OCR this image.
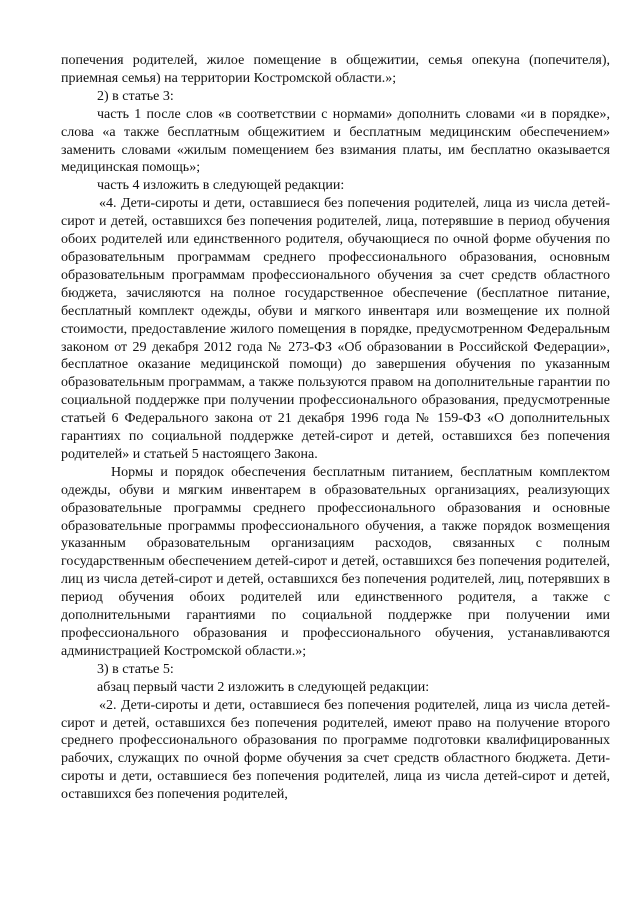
попечения родителей, жилое помещение в общежитии, семья опекуна (попечителя), приемная семья) на территории Костромской области.»;

2) в статье 3:

часть 1 после слов «в соответствии с нормами» дополнить словами «и в порядке», слова «а также бесплатным общежитием и бесплатным медицинским обеспечением» заменить словами «жилым помещением без взимания платы, им бесплатно оказывается медицинская помощь»;

часть 4 изложить в следующей редакции:

«4. Дети-сироты и дети, оставшиеся без попечения родителей, лица из числа детей-сирот и детей, оставшихся без попечения родителей, лица, потерявшие в период обучения обоих родителей или единственного родителя, обучающиеся по очной форме обучения по образовательным программам среднего профессионального образования, основным образовательным программам профессионального обучения за счет средств областного бюджета, зачисляются на полное государственное обеспечение (бесплатное питание, бесплатный комплект одежды, обуви и мягкого инвентаря или возмещение их полной стоимости, предоставление жилого помещения в порядке, предусмотренном Федеральным законом от 29 декабря 2012 года № 273-ФЗ «Об образовании в Российской Федерации», бесплатное оказание медицинской помощи) до завершения обучения по указанным образовательным программам, а также пользуются правом на дополнительные гарантии по социальной поддержке при получении профессионального образования, предусмотренные статьей 6 Федерального закона от 21 декабря 1996 года № 159-ФЗ «О дополнительных гарантиях по социальной поддержке детей-сирот и детей, оставшихся без попечения родителей» и статьей 5 настоящего Закона.

Нормы и порядок обеспечения бесплатным питанием, бесплатным комплектом одежды, обуви и мягким инвентарем в образовательных организациях, реализующих образовательные программы среднего профессионального образования и основные образовательные программы профессионального обучения, а также порядок возмещения указанным образовательным организациям расходов, связанных с полным государственным обеспечением детей-сирот и детей, оставшихся без попечения родителей, лиц из числа детей-сирот и детей, оставшихся без попечения родителей, лиц, потерявших в период обучения обоих родителей или единственного родителя, а также с дополнительными гарантиями по социальной поддержке при получении ими профессионального образования и профессионального обучения, устанавливаются администрацией Костромской области.»;

3) в статье 5:

абзац первый части 2 изложить в следующей редакции:

«2. Дети-сироты и дети, оставшиеся без попечения родителей, лица из числа детей-сирот и детей, оставшихся без попечения родителей, имеют право на получение второго среднего профессионального образования по программе подготовки квалифицированных рабочих, служащих по очной форме обучения за счет средств областного бюджета. Дети-сироты и дети, оставшиеся без попечения родителей, лица из числа детей-сирот и детей, оставшихся без попечения родителей,
